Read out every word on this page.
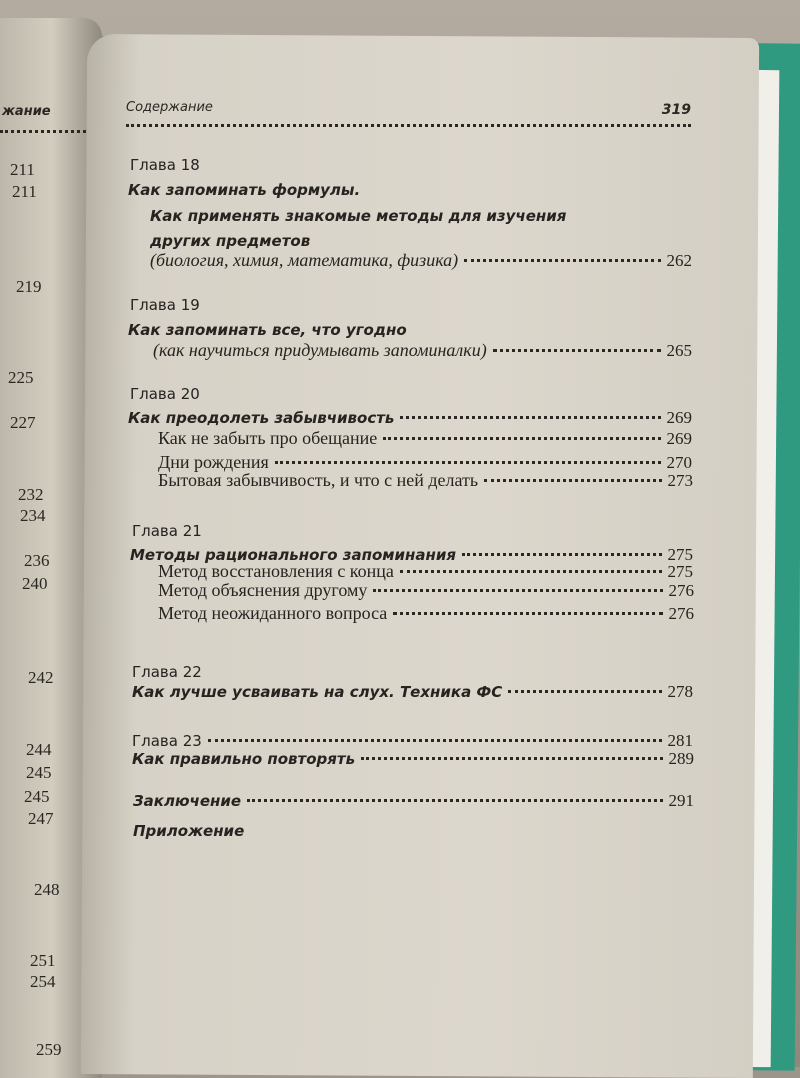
жание
211
211
219
225
227
232
234
236
240
242
244
245
245
247
248
251
254
259
Содержание	319
Глава 18
Как запоминать формулы.
Как применять знакомые методы для изучения
других предметов
(биология, химия, математика, физика)	262
Глава 19
Как запоминать все, что угодно
(как научиться придумывать запоминалки)	265
Глава 20
Как преодолеть забывчивость	269
Как не забыть про обещание	269
Дни рождения	270
Бытовая забывчивость, и что с ней делать	273
Глава 21
Методы рационального запоминания	275
Метод восстановления с конца	275
Метод объяснения другому	276
Метод неожиданного вопроса	276
Глава 22
Как лучше усваивать на слух. Техника ФС	278
Глава 23	281
Как правильно повторять	289
Заключение	291
Приложение
